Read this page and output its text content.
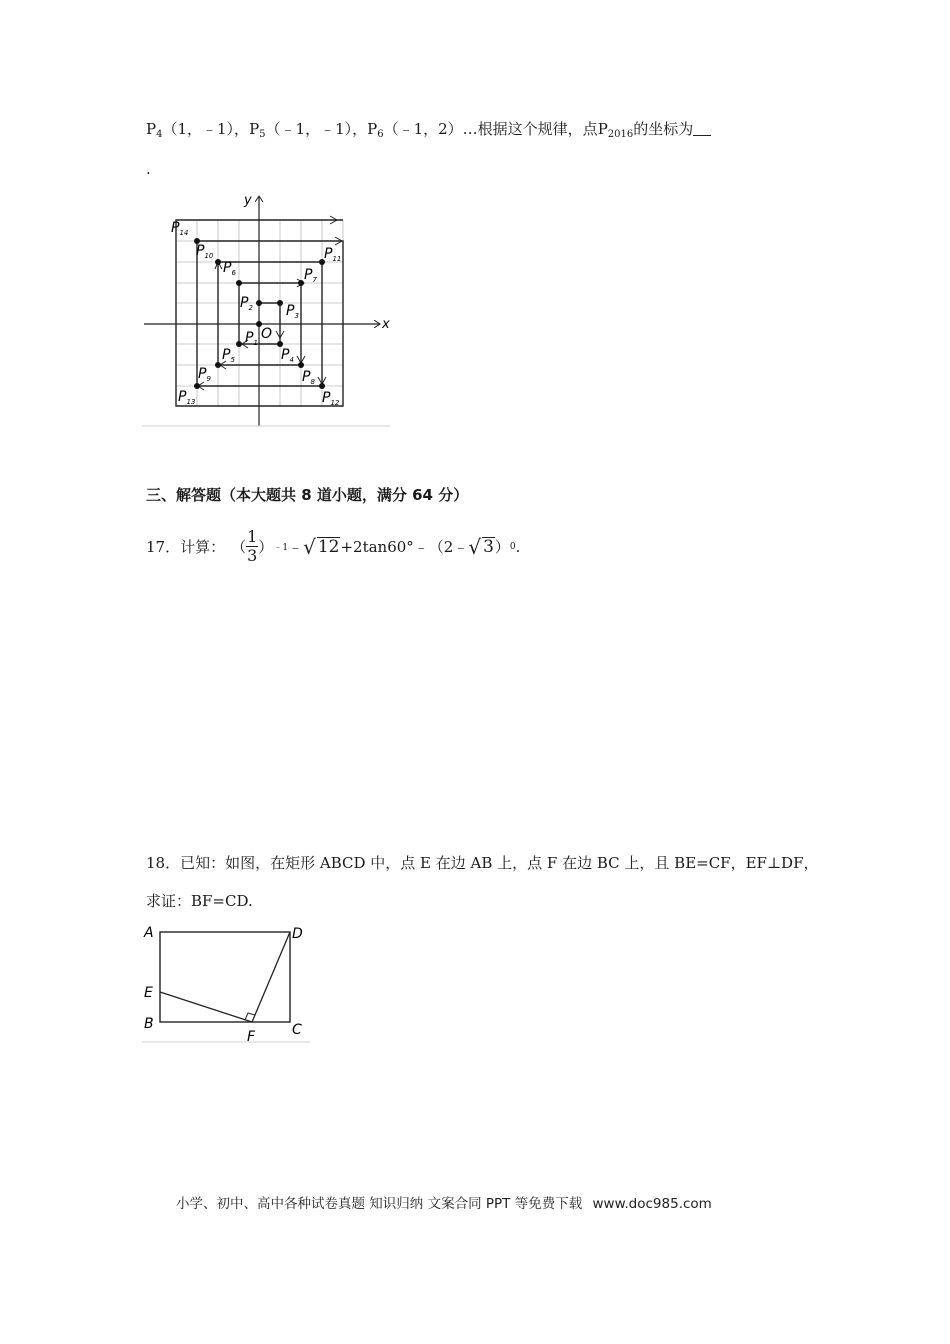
$P_4(1$，﹣1），$P_5(﹣1$，﹣1），$P_6(﹣1$，2）…根据这个规律，点$P_{2016}$的坐标为
.
x
y
O
$P_1$
$P_2$ $P_3$
$P_4$
$P_5$
$P_6$	$P_7$
$P_8$
$P_9$
$P_{10}$	$P_{11}$
$P_{12}$
$P_{13}$
$P_{14}$
三、解答题（本大题共 8 道小题，满分 64 分）
17．计算： （ $\frac{1}{3}$ ） ﹣1 ﹣ √ 12 +2tan60°﹣（2﹣ √ 3 ） 0 .
18．已知：如图，在矩形 ABCD 中，点 E 在边 AB 上，点 F 在边 BC 上，且 BE=CF，EF⊥DF，
求证：BF=CD.
A	D
E
B	C
F
小学、初中、高中各种试卷真题 知识归纳 文案合同 PPT 等免费下载 www.doc985.com
